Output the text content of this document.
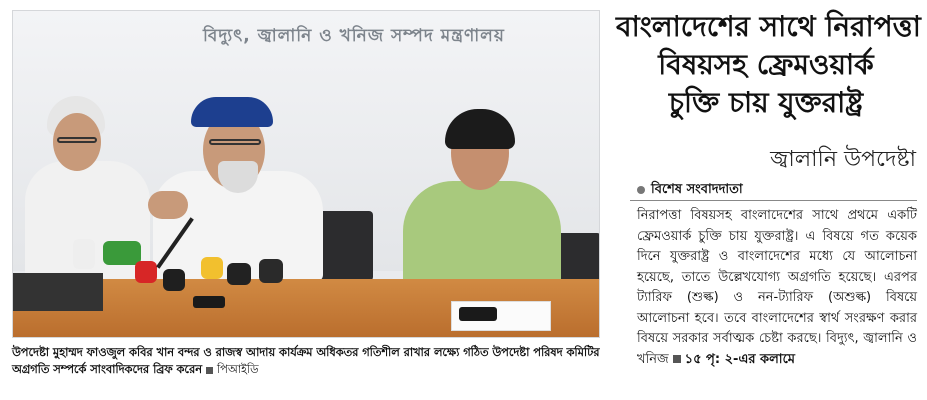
বিদ্যুৎ, জ্বালানি ও খনিজ সম্পদ মন্ত্রণালয়
উপদেষ্টা মুহাম্মদ ফাওজুল কবির খান বন্দর ও রাজস্ব আদায় কার্যক্রম অধিকতর গতিশীল রাখার লক্ষ্যে গঠিত উপদেষ্টা পরিষদ কমিটির অগ্রগতি সম্পর্কে সাংবাদিকদের ব্রিফ করেন পিআইডি
বাংলাদেশের সাথে নিরাপত্তা
বিষয়সহ ফ্রেমওয়ার্ক
চুক্তি চায় যুক্তরাষ্ট্র
জ্বালানি উপদেষ্টা
বিশেষ সংবাদদাতা
নিরাপত্তা বিষয়সহ বাংলাদেশের সাথে প্রথমে একটি ফ্রেমওয়ার্ক চুক্তি চায় যুক্তরাষ্ট্র। এ বিষয়ে গত কয়েক দিনে যুক্তরাষ্ট্র ও বাংলাদেশের মধ্যে যে আলোচনা হয়েছে, তাতে উল্লেখযোগ্য অগ্রগতি হয়েছে। এরপর ট্যারিফ (শুল্ক) ও নন-ট্যারিফ (অশুল্ক) বিষয়ে আলোচনা হবে। তবে বাংলাদেশের স্বার্থ সংরক্ষণ করার বিষয়ে সরকার সর্বাত্মক চেষ্টা করছে। বিদ্যুৎ, জ্বালানি ও খনিজ ১৫ পৃ: ২-এর কলামে
